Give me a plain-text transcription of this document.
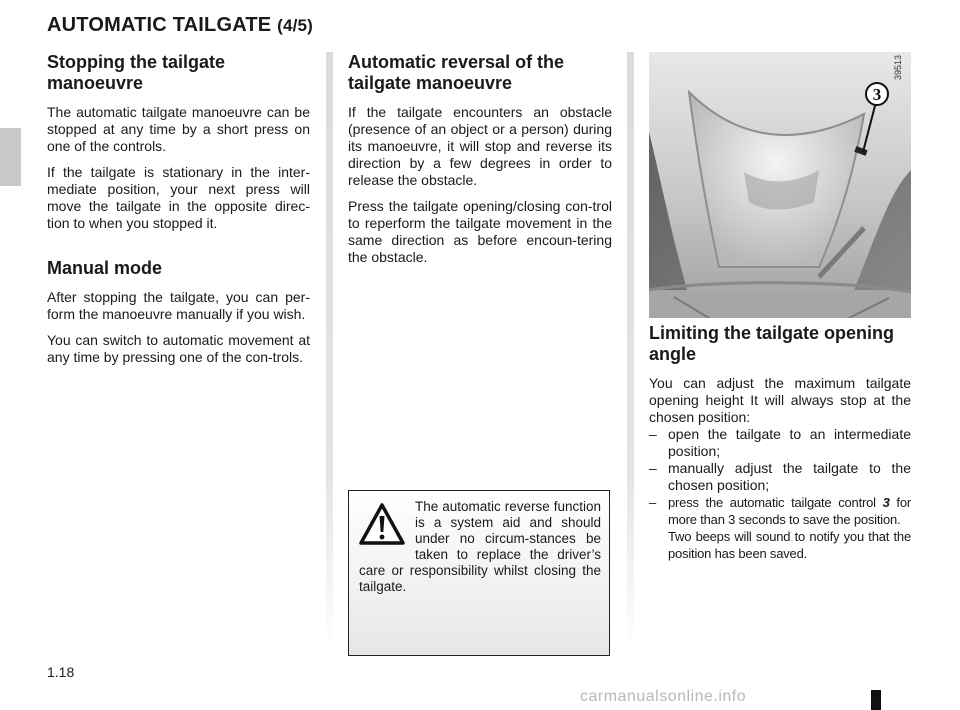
AUTOMATIC TAILGATE (4/5)
Stopping the tailgate manoeuvre

The automatic tailgate manoeuvre can be stopped at any time by a short press on one of the controls.

If the tailgate is stationary in the inter-mediate position, your next press will move the tailgate in the opposite direc-tion to when you stopped it.

Manual mode

After stopping the tailgate, you can per-form the manoeuvre manually if you wish.

You can switch to automatic movement at any time by pressing one of the con-trols.

Automatic reversal of the tailgate manoeuvre

If the tailgate encounters an obstacle (presence of an object or a person) during its manoeuvre, it will stop and reverse its direction by a few degrees in order to release the obstacle.

Press the tailgate opening/closing con-trol to reperform the tailgate movement in the same direction as before encoun-tering the obstacle.

The automatic reverse function is a system aid and should under no circum-stances be taken to replace the driver’s care or responsibility whilst closing the tailgate.

3
39513
Limiting the tailgate opening angle

You can adjust the maximum tailgate opening height It will always stop at the chosen position:

– open the tailgate to an intermediate position;
– manually adjust the tailgate to the chosen position;
– press the automatic tailgate control 3 for more than 3 seconds to save the position.
Two beeps will sound to notify you that the position has been saved.
1.18
carmanualsonline.info
